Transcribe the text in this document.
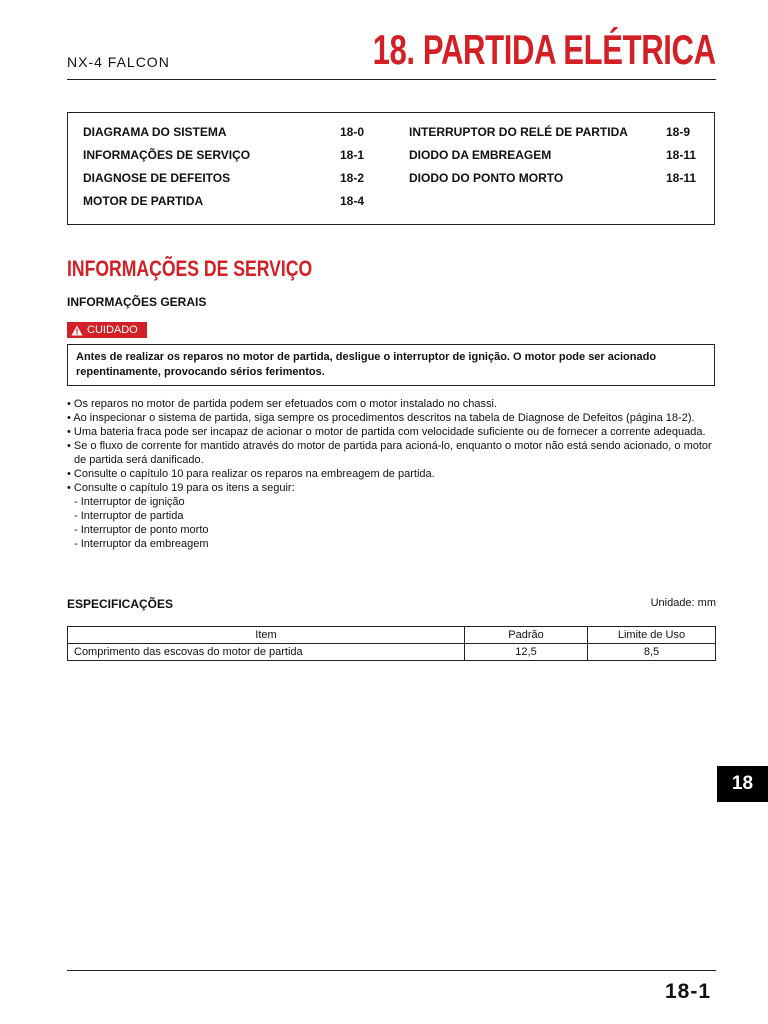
NX-4 FALCON	18. PARTIDA ELÉTRICA
DIAGRAMA DO SISTEMA	18-0
INFORMAÇÕES DE SERVIÇO	18-1
DIAGNOSE DE DEFEITOS	18-2
MOTOR DE PARTIDA	18-4
INTERRUPTOR DO RELÉ DE PARTIDA	18-9
DIODO DA EMBREAGEM	18-11
DIODO DO PONTO MORTO	18-11
INFORMAÇÕES DE SERVIÇO
INFORMAÇÕES GERAIS
CUIDADO
Antes de realizar os reparos no motor de partida, desligue o interruptor de ignição. O motor pode ser acionado repentinamente, provocando sérios ferimentos.
• Os reparos no motor de partida podem ser efetuados com o motor instalado no chassi.
• Ao inspecionar o sistema de partida, siga sempre os procedimentos descritos na tabela de Diagnose de Defeitos (página 18-2).
• Uma bateria fraca pode ser incapaz de acionar o motor de partida com velocidade suficiente ou de fornecer a corrente adequada.
• Se o fluxo de corrente for mantido através do motor de partida para acioná-lo, enquanto o motor não está sendo acionado, o motor de partida será danificado.
• Consulte o capítulo 10 para realizar os reparos na embreagem de partida.
• Consulte o capítulo 19 para os itens a seguir:
- Interruptor de ignição
- Interruptor de partida
- Interruptor de ponto morto
- Interruptor da embreagem
ESPECIFICAÇÕES	Unidade: mm
Item	Padrão	Limite de Uso
Comprimento das escovas do motor de partida	12,5	8,5
18
18-1
